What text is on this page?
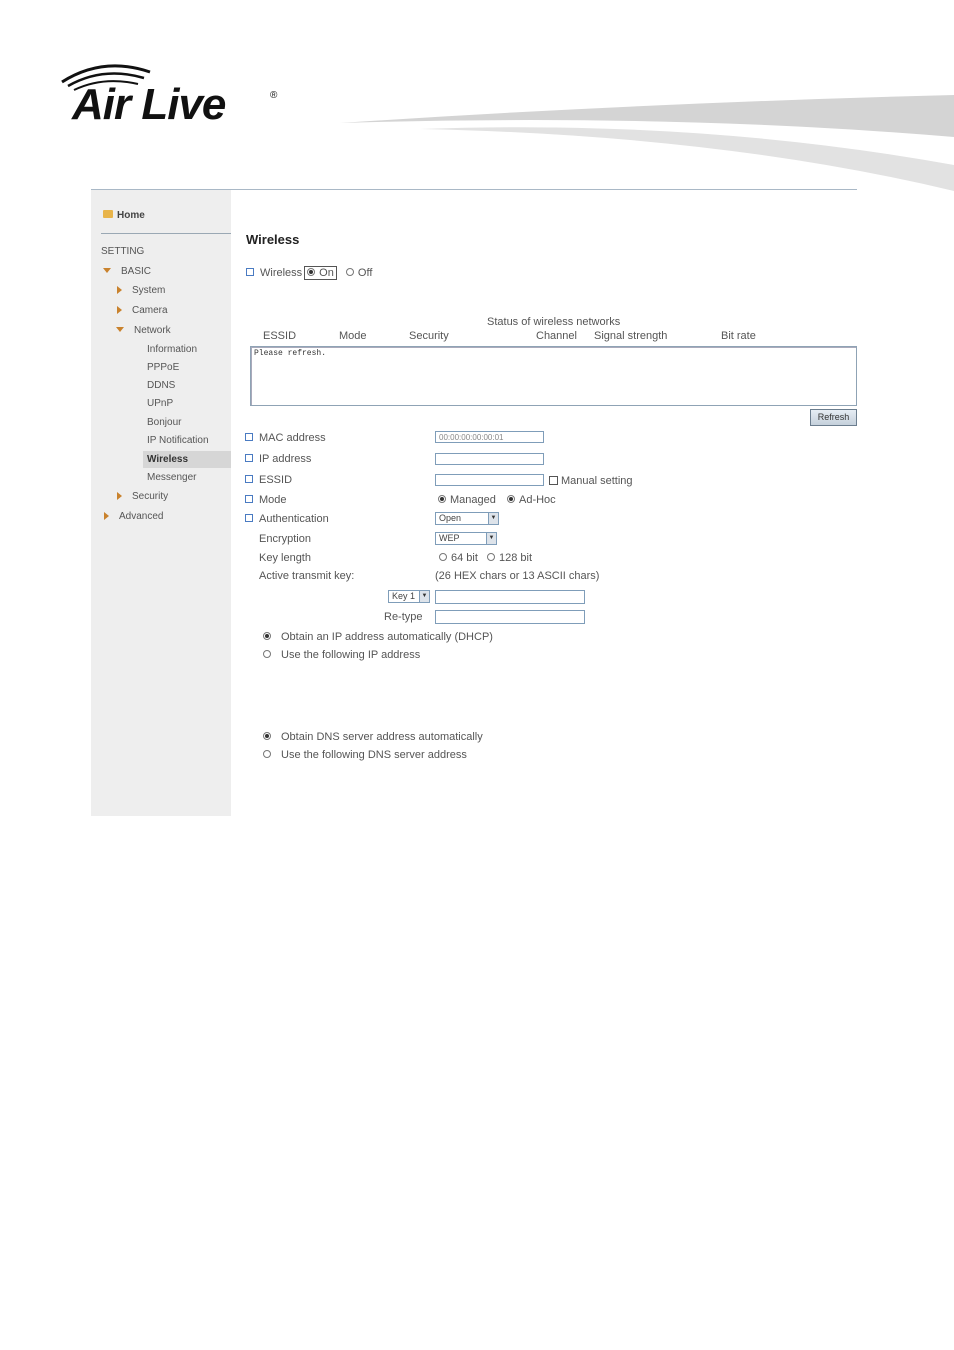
Air Live	®
Home
SETTING
BASIC
System
Camera
Network
Information
PPPoE
DDNS
UPnP
Bonjour
IP Notification
Wireless
Messenger
Security
Advanced
Wireless
Wireless On Off
Status of wireless networks
ESSID	Mode	Security	Channel Signal strength	Bit rate
Please refresh.
Refresh
MAC address	00:00:00:00:00:01
IP address
ESSID	Manual setting
Mode	Managed	Ad-Hoc
Authentication	Open	▼
Encryption	WEP	▼
Key length	64 bit	128 bit
Active transmit key:	(26 HEX chars or 13 ASCII chars)
Key 1	▼
Re-type
Obtain an IP address automatically (DHCP)
Use the following IP address
Obtain DNS server address automatically
Use the following DNS server address
